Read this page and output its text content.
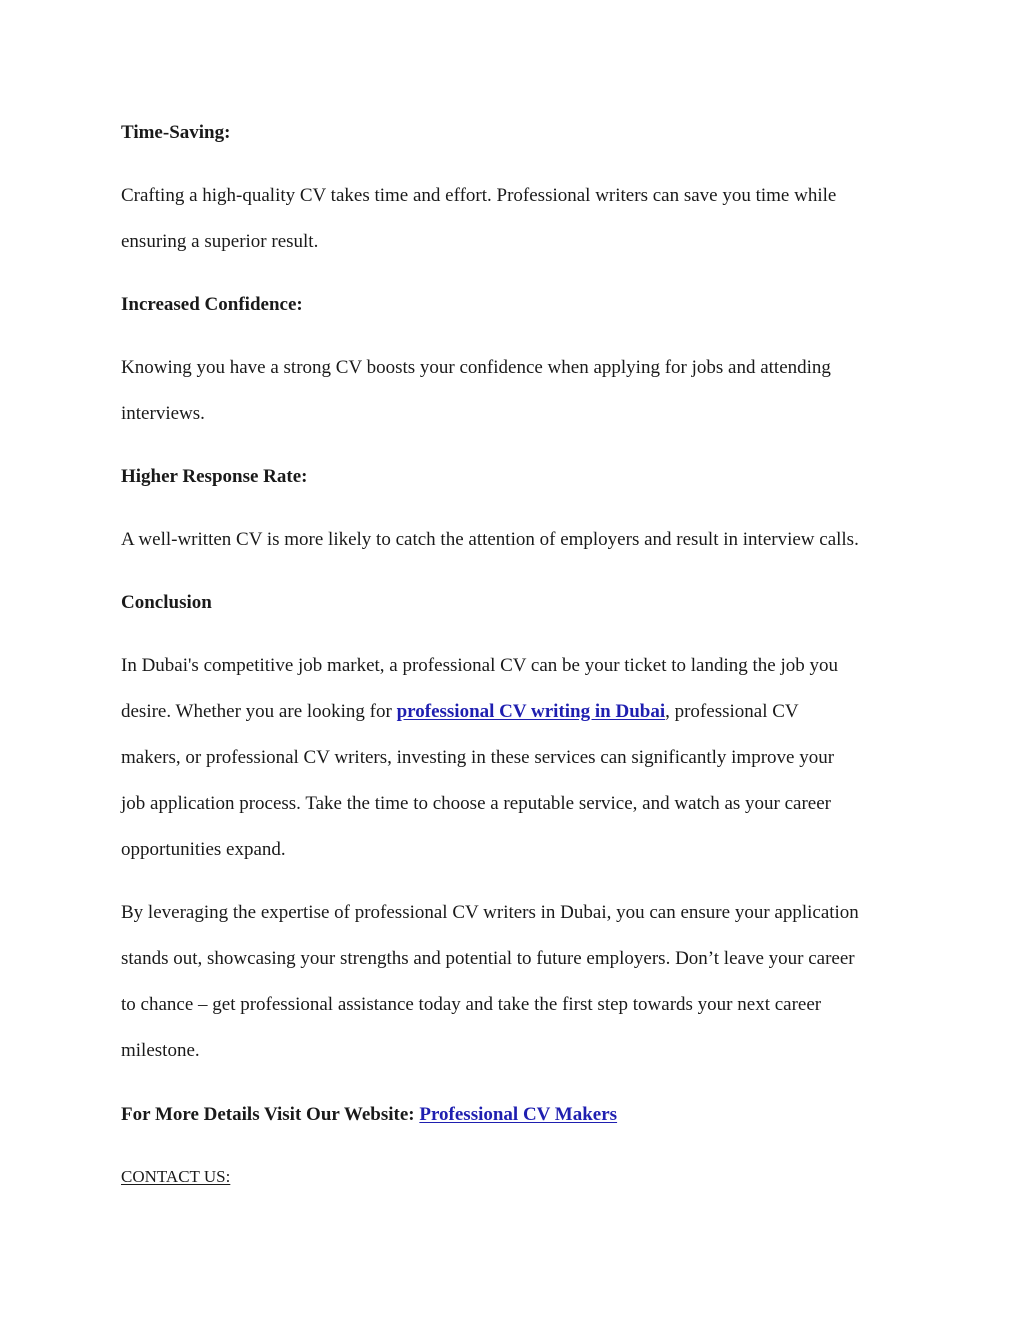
Time-Saving:

Crafting a high-quality CV takes time and effort. Professional writers can save you time while

ensuring a superior result.

Increased Confidence:

Knowing you have a strong CV boosts your confidence when applying for jobs and attending

interviews.

Higher Response Rate:

A well-written CV is more likely to catch the attention of employers and result in interview calls.

Conclusion

In Dubai's competitive job market, a professional CV can be your ticket to landing the job you

desire. Whether you are looking for professional CV writing in Dubai, professional CV

makers, or professional CV writers, investing in these services can significantly improve your

job application process. Take the time to choose a reputable service, and watch as your career

opportunities expand.

By leveraging the expertise of professional CV writers in Dubai, you can ensure your application

stands out, showcasing your strengths and potential to future employers. Don’t leave your career

to chance – get professional assistance today and take the first step towards your next career

milestone.

For More Details Visit Our Website: Professional CV Makers

CONTACT US:
